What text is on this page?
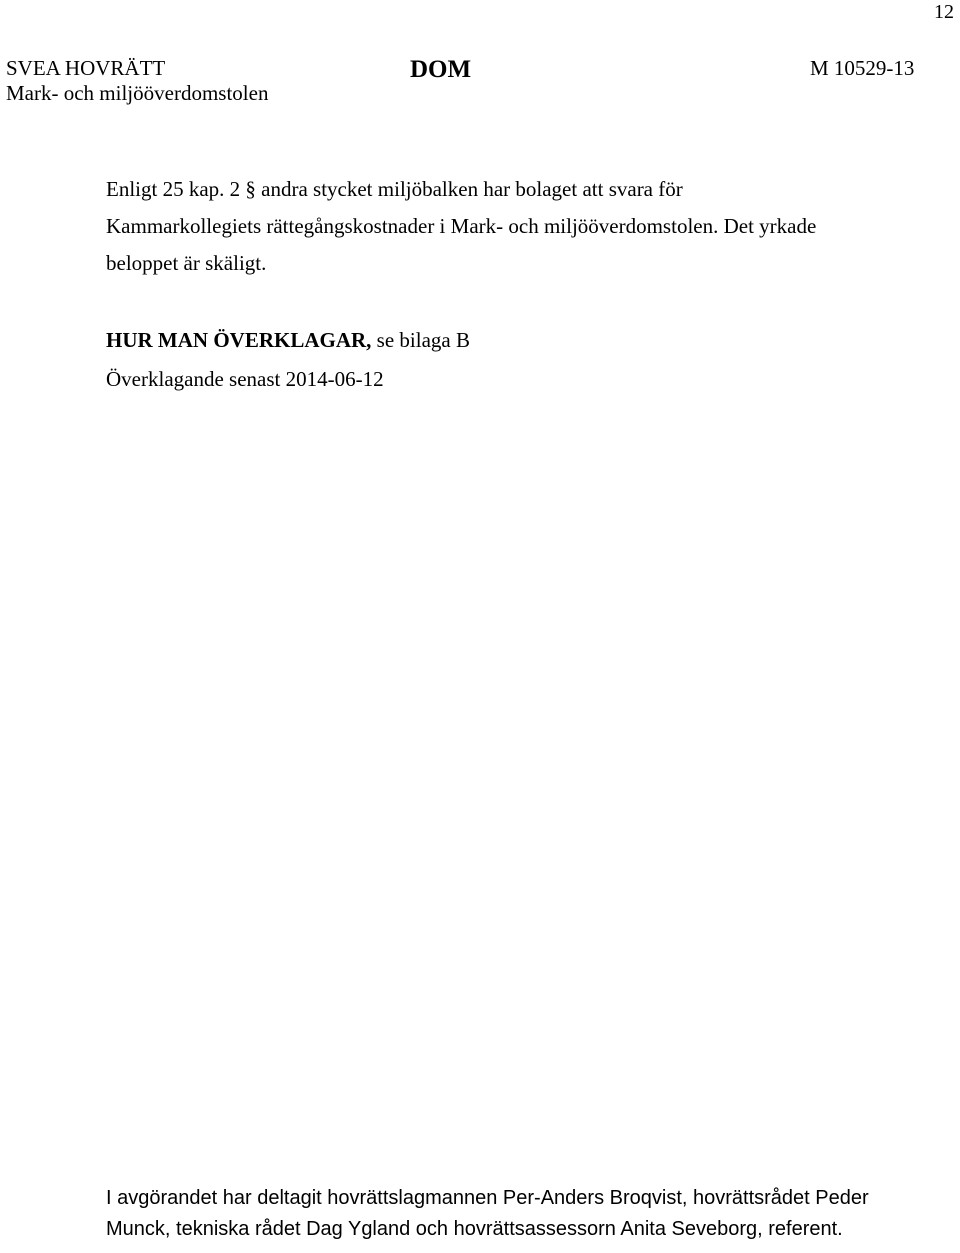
12
SVEA HOVRÄTT
Mark- och miljööverdomstolen
DOM	M 10529-13
Enligt 25 kap. 2 § andra stycket miljöbalken har bolaget att svara för
Kammarkollegiets rättegångskostnader i Mark- och miljööverdomstolen. Det yrkade
beloppet är skäligt.
HUR MAN ÖVERKLAGAR, se bilaga B
Överklagande senast 2014-06-12
I avgörandet har deltagit hovrättslagmannen Per-Anders Broqvist, hovrättsrådet Peder
Munck, tekniska rådet Dag Ygland och hovrättsassessorn Anita Seveborg, referent.
